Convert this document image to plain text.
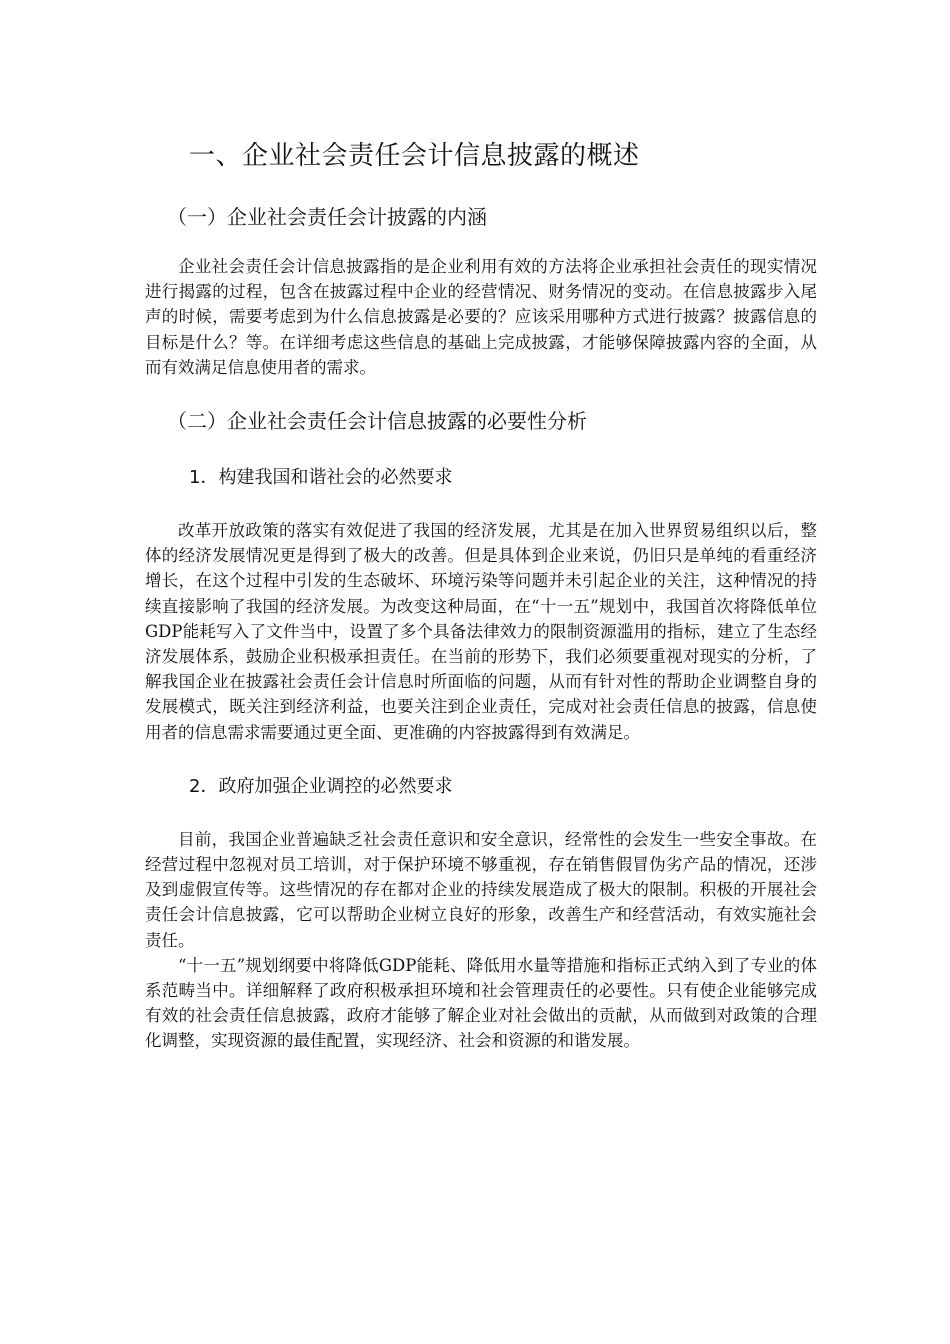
一、企业社会责任会计信息披露的概述
（一）企业社会责任会计披露的内涵

企业社会责任会计信息披露指的是企业利用有效的方法将企业承担社会责任的现实情况进行揭露的过程，包含在披露过程中企业的经营情况、财务情况的变动。在信息披露步入尾声的时候，需要考虑到为什么信息披露是必要的？应该采用哪种方式进行披露？披露信息的目标是什么？等。在详细考虑这些信息的基础上完成披露，才能够保障披露内容的全面，从而有效满足信息使用者的需求。

（二）企业社会责任会计信息披露的必要性分析
1．构建我国和谐社会的必然要求

改革开放政策的落实有效促进了我国的经济发展，尤其是在加入世界贸易组织以后，整体的经济发展情况更是得到了极大的改善。但是具体到企业来说，仍旧只是单纯的看重经济增长，在这个过程中引发的生态破坏、环境污染等问题并未引起企业的关注，这种情况的持续直接影响了我国的经济发展。为改变这种局面，在“十一五”规划中，我国首次将降低单位GDP能耗写入了文件当中，设置了多个具备法律效力的限制资源滥用的指标，建立了生态经济发展体系，鼓励企业积极承担责任。在当前的形势下，我们必须要重视对现实的分析，了解我国企业在披露社会责任会计信息时所面临的问题，从而有针对性的帮助企业调整自身的发展模式，既关注到经济利益，也要关注到企业责任，完成对社会责任信息的披露，信息使用者的信息需求需要通过更全面、更准确的内容披露得到有效满足。

2．政府加强企业调控的必然要求

目前，我国企业普遍缺乏社会责任意识和安全意识，经常性的会发生一些安全事故。在经营过程中忽视对员工培训，对于保护环境不够重视，存在销售假冒伪劣产品的情况，还涉及到虚假宣传等。这些情况的存在都对企业的持续发展造成了极大的限制。积极的开展社会责任会计信息披露，它可以帮助企业树立良好的形象，改善生产和经营活动，有效实施社会责任。

“十一五”规划纲要中将降低GDP能耗、降低用水量等措施和指标正式纳入到了专业的体系范畴当中。详细解释了政府积极承担环境和社会管理责任的必要性。只有使企业能够完成有效的社会责任信息披露，政府才能够了解企业对社会做出的贡献，从而做到对政策的合理化调整，实现资源的最佳配置，实现经济、社会和资源的和谐发展。
